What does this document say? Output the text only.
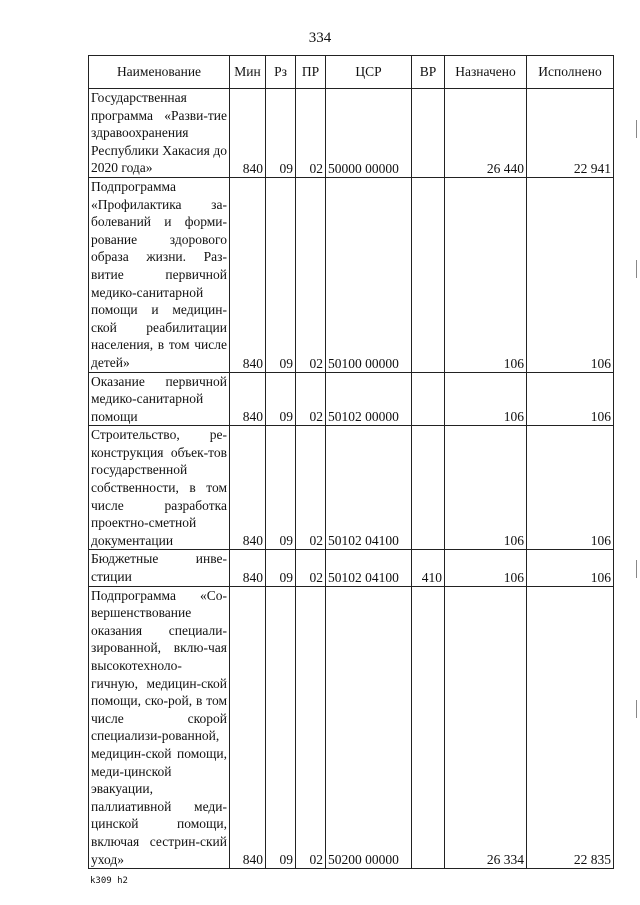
334
Наименование	Мин	Рз	ПР	ЦСР	ВР	Назначено	Исполнено
Государственная программа «Разви-тие здравоохранения Республики Хакасия до 2020 года»	840	09	02	50000 00000		26 440	22 941
Подпрограмма «Профилактика за-болеваний и форми-рование здорового образа жизни. Раз-витие первичной медико-санитарной помощи и медицин-ской реабилитации населения, в том числе детей»	840	09	02	50100 00000		106	106
Оказание первичной медико-санитарной помощи	840	09	02	50102 00000		106	106
Строительство, ре-конструкция объек-тов государственной собственности, в том числе разработка проектно-сметной документации	840	09	02	50102 04100		106	106
Бюджетные инве-стиции	840	09	02	50102 04100	410	106	106
Подпрограмма «Со-вершенствование оказания специали-зированной, вклю-чая высокотехноло-гичную, медицин-ской помощи, ско-рой, в том числе скорой специализи-рованной, медицин-ской помощи, меди-цинской эвакуации, паллиативной меди-цинской помощи, включая сестрин-ский уход»	840	09	02	50200 00000		26 334	22 835
k309 h2
